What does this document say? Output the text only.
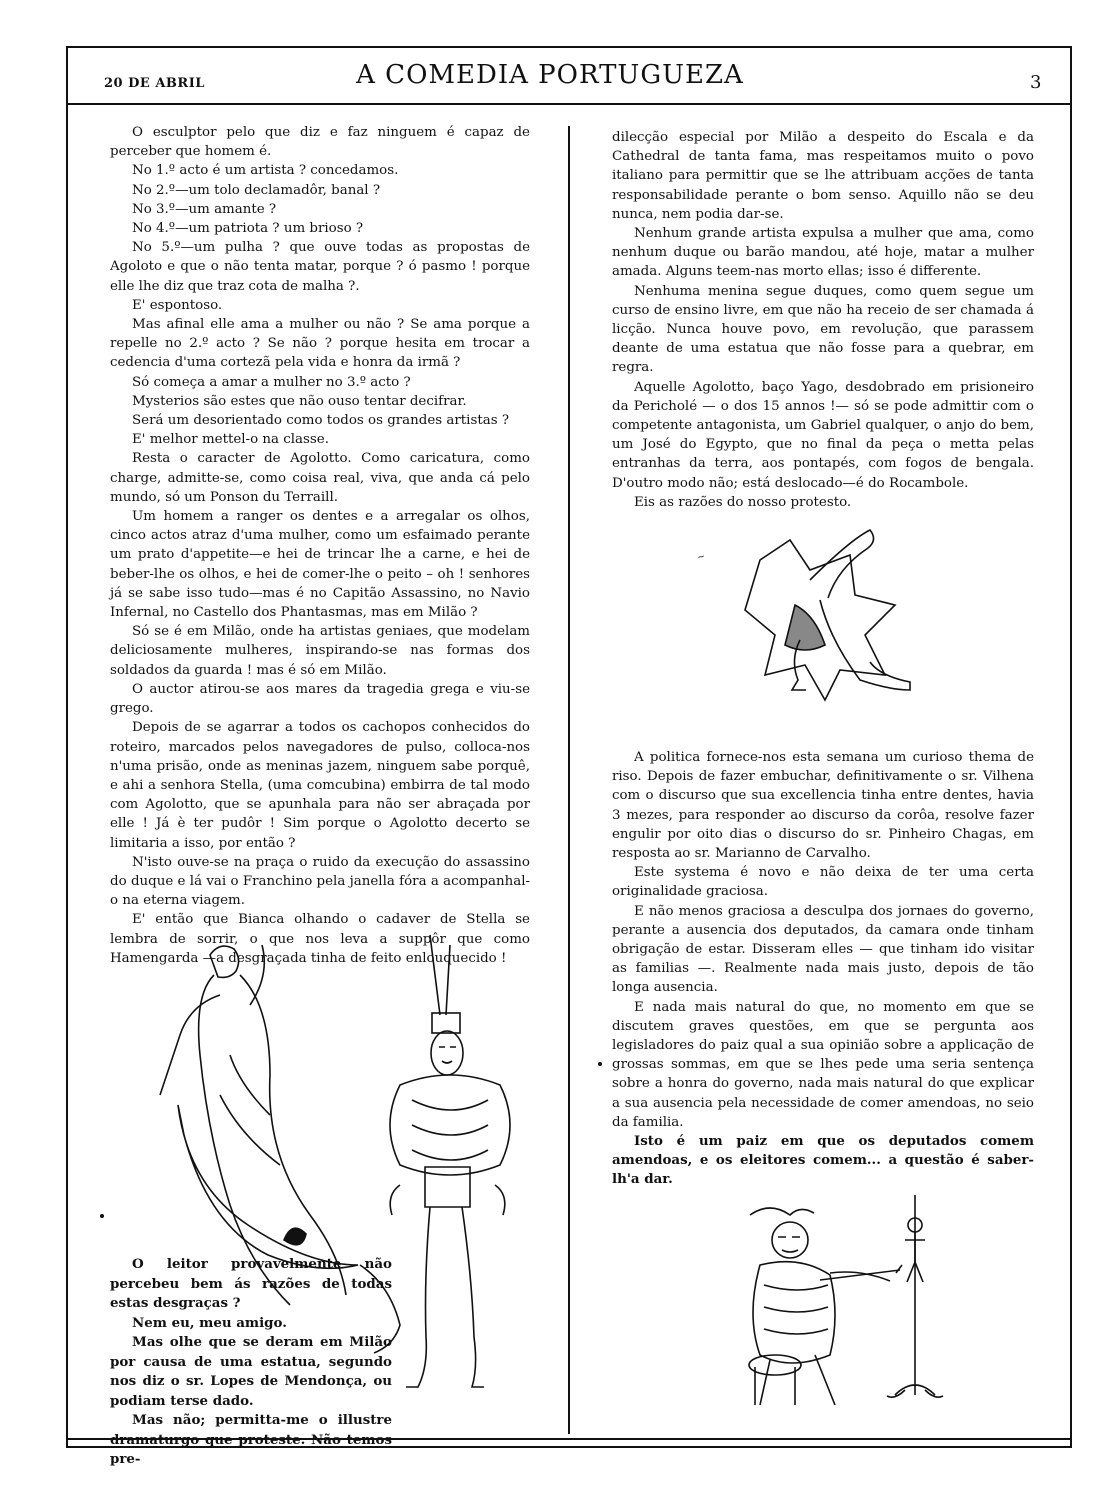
20 DE ABRIL	A COMEDIA PORTUGUEZA	3

O esculptor pelo que diz e faz ninguem é capaz de perceber que homem é.

No 1.º acto é um artista ? concedamos.

No 2.º—um tolo declamadôr, banal ?

No 3.º—um amante ?

No 4.º—um patriota ? um brioso ?

No 5.º—um pulha ? que ouve todas as propostas de Agoloto e que o não tenta matar, porque ? ó pasmo ! porque elle lhe diz que traz cota de malha ?.

E' espontoso.

Mas afinal elle ama a mulher ou não ? Se ama porque a repelle no 2.º acto ? Se não ? porque hesita em trocar a cedencia d'uma cortezã pela vida e honra da irmã ?

Só começa a amar a mulher no 3.º acto ?

Mysterios são estes que não ouso tentar decifrar.

Será um desorientado como todos os grandes artistas ?

E' melhor mettel-o na classe.

Resta o caracter de Agolotto. Como caricatura, como charge, admitte-se, como coisa real, viva, que anda cá pelo mundo, só um Ponson du Terraill.

Um homem a ranger os dentes e a arregalar os olhos, cinco actos atraz d'uma mulher, como um esfaimado perante um prato d'appetite—e hei de trincar lhe a carne, e hei de beber-lhe os olhos, e hei de comer-lhe o peito – oh ! senhores já se sabe isso tudo—mas é no Capitão Assassino, no Navio Infernal, no Castello dos Phantasmas, mas em Milão ?

Só se é em Milão, onde ha artistas geniaes, que modelam deliciosamente mulheres, inspirando-se nas formas dos soldados da guarda ! mas é só em Milão.

O auctor atirou-se aos mares da tragedia grega e viu-se grego.

Depois de se agarrar a todos os cachopos conhecidos do roteiro, marcados pelos navegadores de pulso, colloca-nos n'uma prisão, onde as meninas jazem, ninguem sabe porquê, e ahi a senhora Stella, (uma comcubina) embirra de tal modo com Agolotto, que se apunhala para não ser abraçada por elle ! Já è ter pudôr ! Sim porque o Agolotto decerto se limitaria a isso, por então ?

N'isto ouve-se na praça o ruido da execução do assassino do duque e lá vai o Franchino pela janella fóra a acompanhal-o na eterna viagem.

E' então que Bianca olhando o cadaver de Stella se lembra de sorrir, o que nos leva a suppôr que como Hamengarda —a desgraçada tinha de feito enlouquecido !

O leitor provavelmente não percebeu bem ás razões de todas estas desgraças ?

Nem eu, meu amigo.

Mas olhe que se deram em Milão por causa de uma estatua, segundo nos diz o sr. Lopes de Mendonça, ou podiam terse dado.

Mas não; permitta-me o illustre dramaturgo que proteste. Não temos pre-

dilecção especial por Milão a despeito do Escala e da Cathedral de tanta fama, mas respeitamos muito o povo italiano para permittir que se lhe attribuam acções de tanta responsabilidade perante o bom senso. Aquillo não se deu nunca, nem podia dar-se.

Nenhum grande artista expulsa a mulher que ama, como nenhum duque ou barão mandou, até hoje, matar a mulher amada. Alguns teem-nas morto ellas; isso é differente.

Nenhuma menina segue duques, como quem segue um curso de ensino livre, em que não ha receio de ser chamada á licção. Nunca houve povo, em revolução, que parassem deante de uma estatua que não fosse para a quebrar, em regra.

Aquelle Agolotto, baço Yago, desdobrado em prisioneiro da Pericholé — o dos 15 annos !— só se pode admittir com o competente antagonista, um Gabriel qualquer, o anjo do bem, um José do Egypto, que no final da peça o metta pelas entranhas da terra, aos pontapés, com fogos de bengala. D'outro modo não; está deslocado—é do Rocambole.

Eis as razões do nosso protesto.

~

A politica fornece-nos esta semana um curioso thema de riso. Depois de fazer embuchar, definitivamente o sr. Vilhena com o discurso que sua excellencia tinha entre dentes, havia 3 mezes, para responder ao discurso da corôa, resolve fazer engulir por oito dias o discurso do sr. Pinheiro Chagas, em resposta ao sr. Marianno de Carvalho.

Este systema é novo e não deixa de ter uma certa originalidade graciosa.

E não menos graciosa a desculpa dos jornaes do governo, perante a ausencia dos deputados, da camara onde tinham obrigação de estar. Disseram elles — que tinham ido visitar as familias —. Realmente nada mais justo, depois de tão longa ausencia.

E nada mais natural do que, no momento em que se discutem graves questões, em que se pergunta aos legisladores do paiz qual a sua opinião sobre a applicação de grossas sommas, em que se lhes pede uma seria sentença sobre a honra do governo, nada mais natural do que explicar a sua ausencia pela necessidade de comer amendoas, no seio da familia.

Isto é um paiz em que os deputados comem amendoas, e os eleitores comem... a questão é saber-lh'a dar.
